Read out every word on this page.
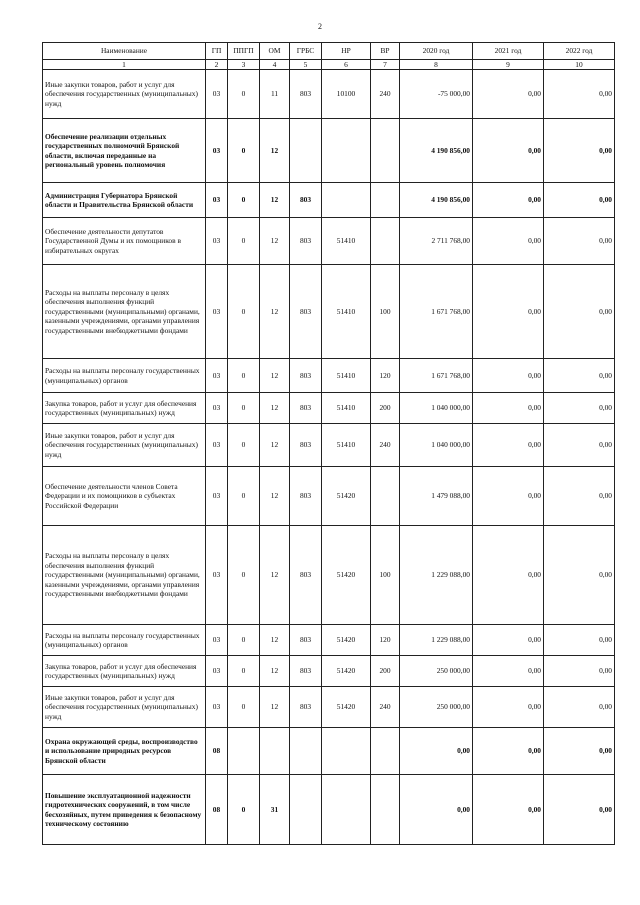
2
Наименование	ГП	ППГП	ОМ	ГРБС	НР	ВР	2020 год	2021 год	2022 год
1	2	3	4	5	6	7	8	9	10
Иные закупки товаров, работ и услуг для обеспечения государственных (муниципальных) нужд	03	0	11	803	10100	240	-75 000,00	0,00	0,00
Обеспечение реализации отдельных государственных полномочий Брянской области, включая переданные на региональный уровень полномочия	03	0	12				4 190 856,00	0,00	0,00
Администрация Губернатора Брянской области и Правительства Брянской области	03	0	12	803			4 190 856,00	0,00	0,00
Обеспечение деятельности депутатов Государственной Думы и их помощников в избирательных округах	03	0	12	803	51410		2 711 768,00	0,00	0,00
Расходы на выплаты персоналу в целях обеспечения выполнения функций государственными (муниципальными) органами, казенными учреждениями, органами управления государственными внебюджетными фондами	03	0	12	803	51410	100	1 671 768,00	0,00	0,00
Расходы на выплаты персоналу государственных (муниципальных) органов	03	0	12	803	51410	120	1 671 768,00	0,00	0,00
Закупка товаров, работ и услуг для обеспечения государственных (муниципальных) нужд	03	0	12	803	51410	200	1 040 000,00	0,00	0,00
Иные закупки товаров, работ и услуг для обеспечения государственных (муниципальных) нужд	03	0	12	803	51410	240	1 040 000,00	0,00	0,00
Обеспечение деятельности членов Совета Федерации и их помощников в субъектах Российской Федерации	03	0	12	803	51420		1 479 088,00	0,00	0,00
Расходы на выплаты персоналу в целях обеспечения выполнения функций государственными (муниципальными) органами, казенными учреждениями, органами управления государственными внебюджетными фондами	03	0	12	803	51420	100	1 229 088,00	0,00	0,00
Расходы на выплаты персоналу государственных (муниципальных) органов	03	0	12	803	51420	120	1 229 088,00	0,00	0,00
Закупка товаров, работ и услуг для обеспечения государственных (муниципальных) нужд	03	0	12	803	51420	200	250 000,00	0,00	0,00
Иные закупки товаров, работ и услуг для обеспечения государственных (муниципальных) нужд	03	0	12	803	51420	240	250 000,00	0,00	0,00
Охрана окружающей среды, воспроизводство и использование природных ресурсов Брянской области	08						0,00	0,00	0,00
Повышение эксплуатационной надежности гидротехнических сооружений, в том числе бесхозяйных, путем приведения к безопасному техническому состоянию	08	0	31				0,00	0,00	0,00
